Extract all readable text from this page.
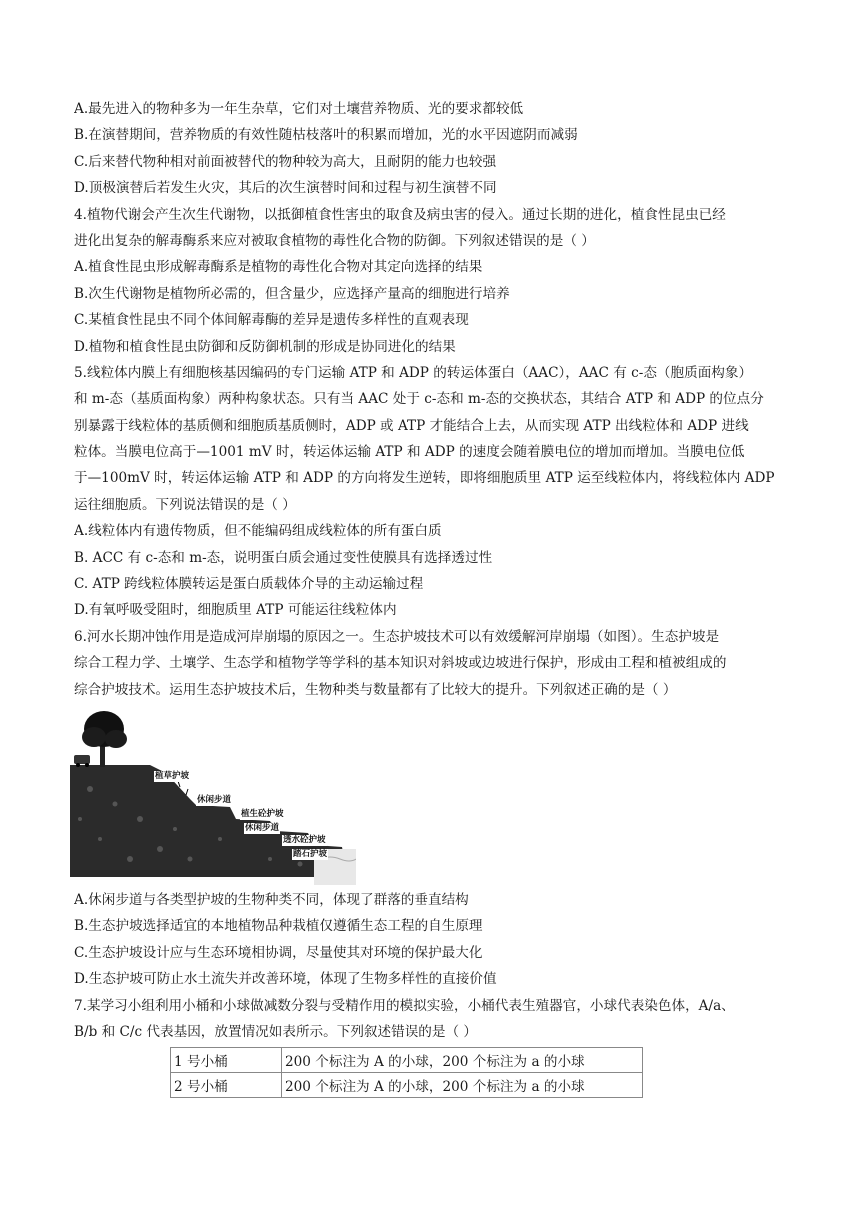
A.最先进入的物种多为一年生杂草，它们对土壤营养物质、光的要求都较低
B.在演替期间，营养物质的有效性随枯枝落叶的积累而增加，光的水平因遮阴而减弱
C.后来替代物种相对前面被替代的物种较为高大，且耐阴的能力也较强
D.顶极演替后若发生火灾，其后的次生演替时间和过程与初生演替不同
4.植物代谢会产生次生代谢物，以抵御植食性害虫的取食及病虫害的侵入。通过长期的进化，植食性昆虫已经
进化出复杂的解毒酶系来应对被取食植物的毒性化合物的防御。下列叙述错误的是（ ）
A.植食性昆虫形成解毒酶系是植物的毒性化合物对其定向选择的结果
B.次生代谢物是植物所必需的，但含量少，应选择产量高的细胞进行培养
C.某植食性昆虫不同个体间解毒酶的差异是遗传多样性的直观表现
D.植物和植食性昆虫防御和反防御机制的形成是协同进化的结果
5.线粒体内膜上有细胞核基因编码的专门运输 ATP 和 ADP 的转运体蛋白（AAC），AAC 有 c-态（胞质面构象）
和 m-态（基质面构象）两种构象状态。只有当 AAC 处于 c-态和 m-态的交换状态，其结合 ATP 和 ADP 的位点分
别暴露于线粒体的基质侧和细胞质基质侧时，ADP 或 ATP 才能结合上去，从而实现 ATP 出线粒体和 ADP 进线
粒体。当膜电位高于—1001 mV 时，转运体运输 ATP 和 ADP 的速度会随着膜电位的增加而增加。当膜电位低
于—100mV 时，转运体运输 ATP 和 ADP 的方向将发生逆转，即将细胞质里 ATP 运至线粒体内，将线粒体内 ADP
运往细胞质。下列说法错误的是（ ）
A.线粒体内有遗传物质，但不能编码组成线粒体的所有蛋白质
B. ACC 有 c-态和 m-态，说明蛋白质会通过变性使膜具有选择透过性
C. ATP 跨线粒体膜转运是蛋白质载体介导的主动运输过程
D.有氧呼吸受阻时，细胞质里 ATP 可能运往线粒体内
6.河水长期冲蚀作用是造成河岸崩塌的原因之一。生态护坡技术可以有效缓解河岸崩塌（如图）。生态护坡是
综合工程力学、土壤学、生态学和植物学等学科的基本知识对斜坡或边坡进行保护，形成由工程和植被组成的
综合护坡技术。运用生态护坡技术后，生物种类与数量都有了比较大的提升。下列叙述正确的是（ ）
植草护坡
休闲步道
植生砼护坡
休闲步道
透水砼护坡
踏石护坡
A.休闲步道与各类型护坡的生物种类不同，体现了群落的垂直结构
B.生态护坡选择适宜的本地植物品种栽植仅遵循生态工程的自生原理
C.生态护坡设计应与生态环境相协调，尽量使其对环境的保护最大化
D.生态护坡可防止水土流失并改善环境，体现了生物多样性的直接价值
7.某学习小组利用小桶和小球做减数分裂与受精作用的模拟实验，小桶代表生殖器官，小球代表染色体，A/a、
B/b 和 C/c 代表基因，放置情况如表所示。下列叙述错误的是（ ）
1 号小桶	200 个标注为 A 的小球，200 个标注为 a 的小球
2 号小桶	200 个标注为 A 的小球，200 个标注为 a 的小球
